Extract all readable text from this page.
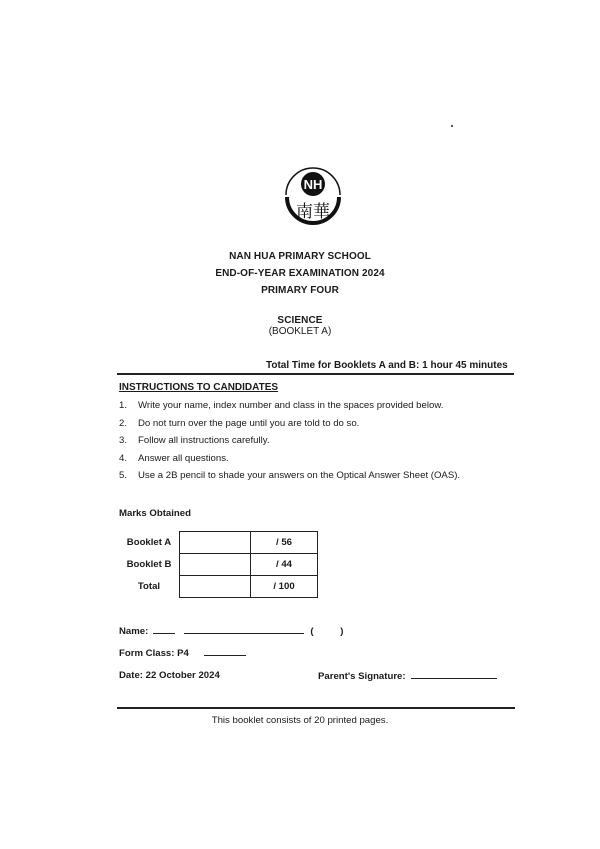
NH
南華
NAN HUA PRIMARY SCHOOL
END-OF-YEAR EXAMINATION 2024
PRIMARY FOUR
SCIENCE
(BOOKLET A)
Total Time for Booklets A and B: 1 hour 45 minutes
INSTRUCTIONS TO CANDIDATES
1.	Write your name, index number and class in the spaces provided below.
2.	Do not turn over the page until you are told to do so.
3.	Follow all instructions carefully.
4.	Answer all questions.
5.	Use a 2B pencil to shade your answers on the Optical Answer Sheet (OAS).
Marks Obtained
Booklet A		/ 56
Booklet B		/ 44
Total		/ 100
Name:	(	)
Form Class: P4
Date: 22 October 2024	Parent's Signature:
This booklet consists of 20 printed pages.
